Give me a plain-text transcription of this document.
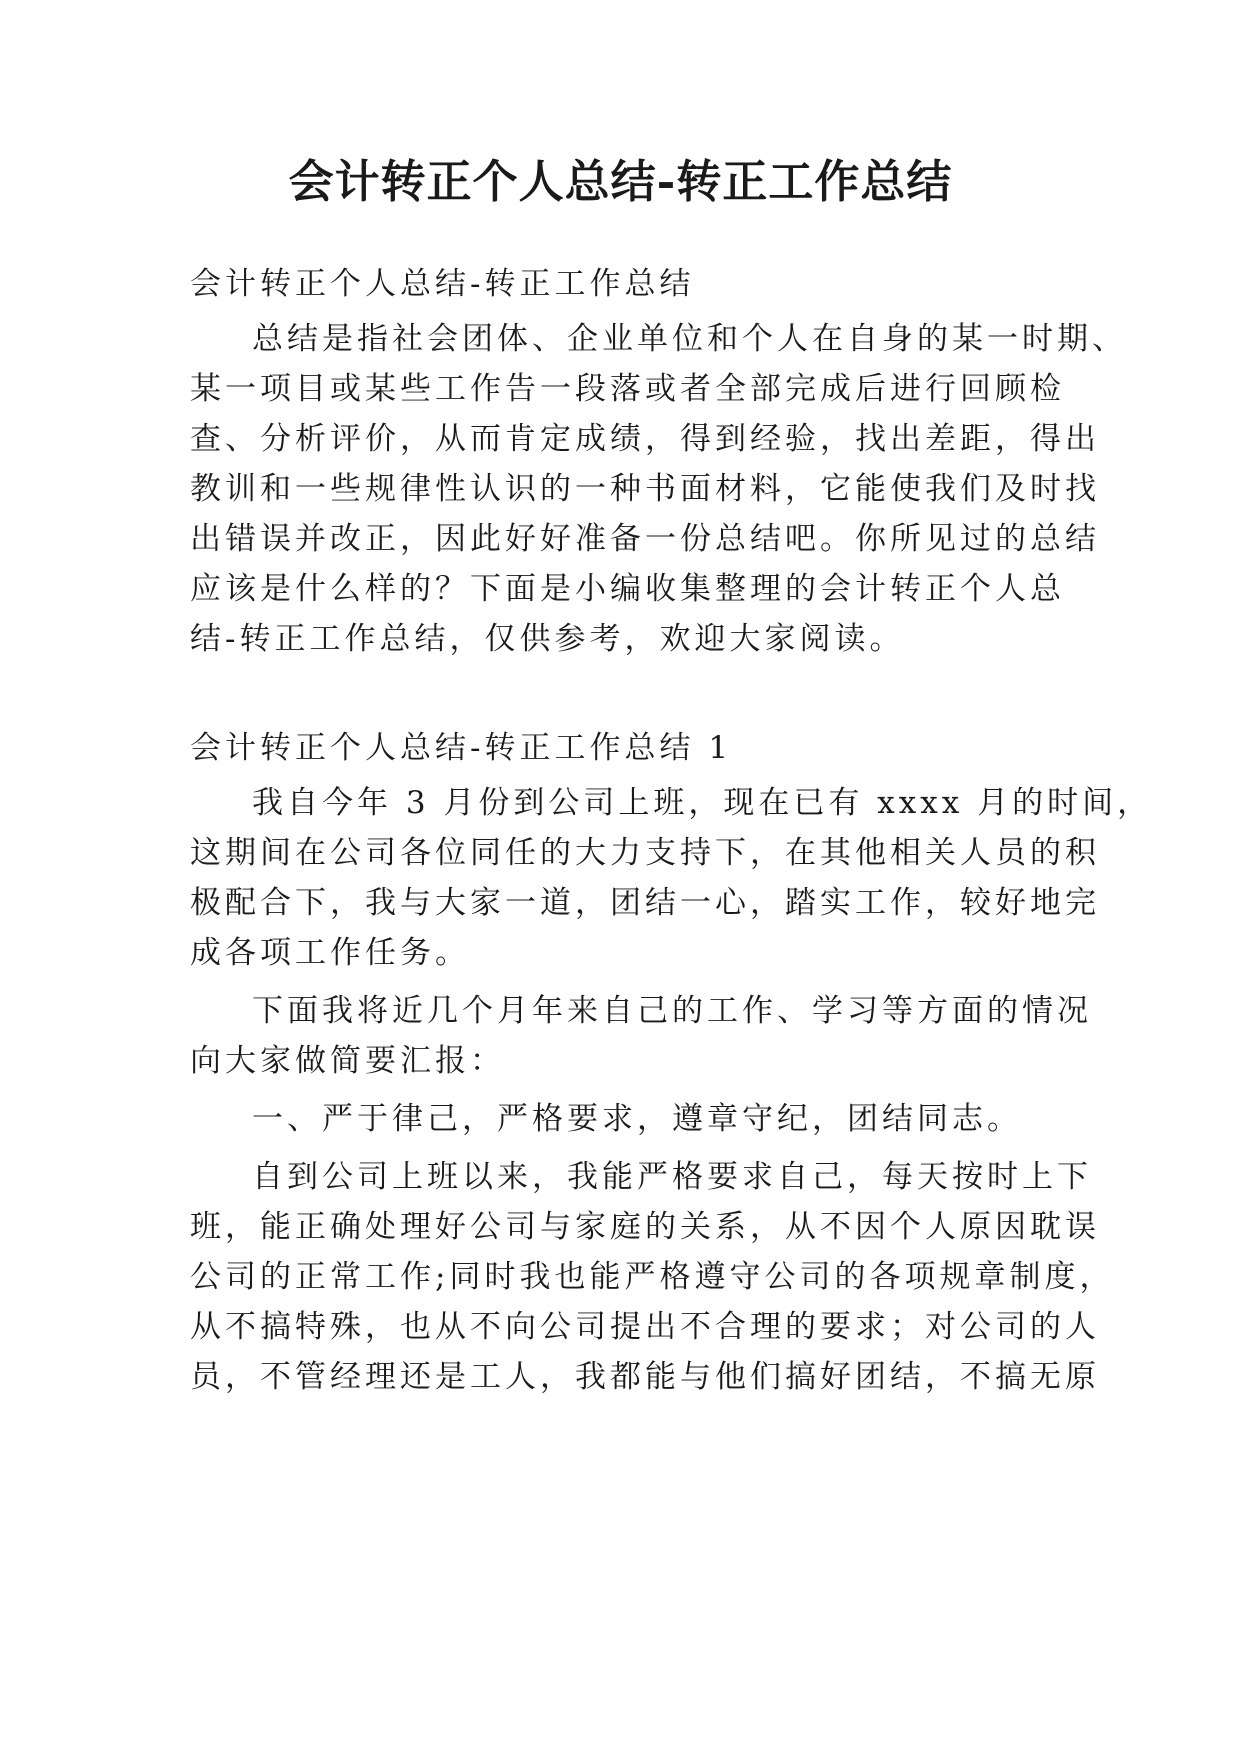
会计转正个人总结-转正工作总结

会计转正个人总结-转正工作总结

总结是指社会团体、企业单位和个人在自身的某一时期、

某一项目或某些工作告一段落或者全部完成后进行回顾检

查、分析评价，从而肯定成绩，得到经验，找出差距，得出

教训和一些规律性认识的一种书面材料，它能使我们及时找

出错误并改正，因此好好准备一份总结吧。你所见过的总结

应该是什么样的？下面是小编收集整理的会计转正个人总

结-转正工作总结，仅供参考，欢迎大家阅读。

会计转正个人总结-转正工作总结 1

我自今年 3 月份到公司上班，现在已有 xxxx 月的时间，

这期间在公司各位同任的大力支持下，在其他相关人员的积

极配合下，我与大家一道，团结一心，踏实工作，较好地完

成各项工作任务。

下面我将近几个月年来自己的工作、学习等方面的情况

向大家做简要汇报：

一、严于律己，严格要求，遵章守纪，团结同志。

自到公司上班以来，我能严格要求自己，每天按时上下

班，能正确处理好公司与家庭的关系，从不因个人原因耽误

公司的正常工作;同时我也能严格遵守公司的各项规章制度，

从不搞特殊，也从不向公司提出不合理的要求；对公司的人

员，不管经理还是工人，我都能与他们搞好团结，不搞无原
